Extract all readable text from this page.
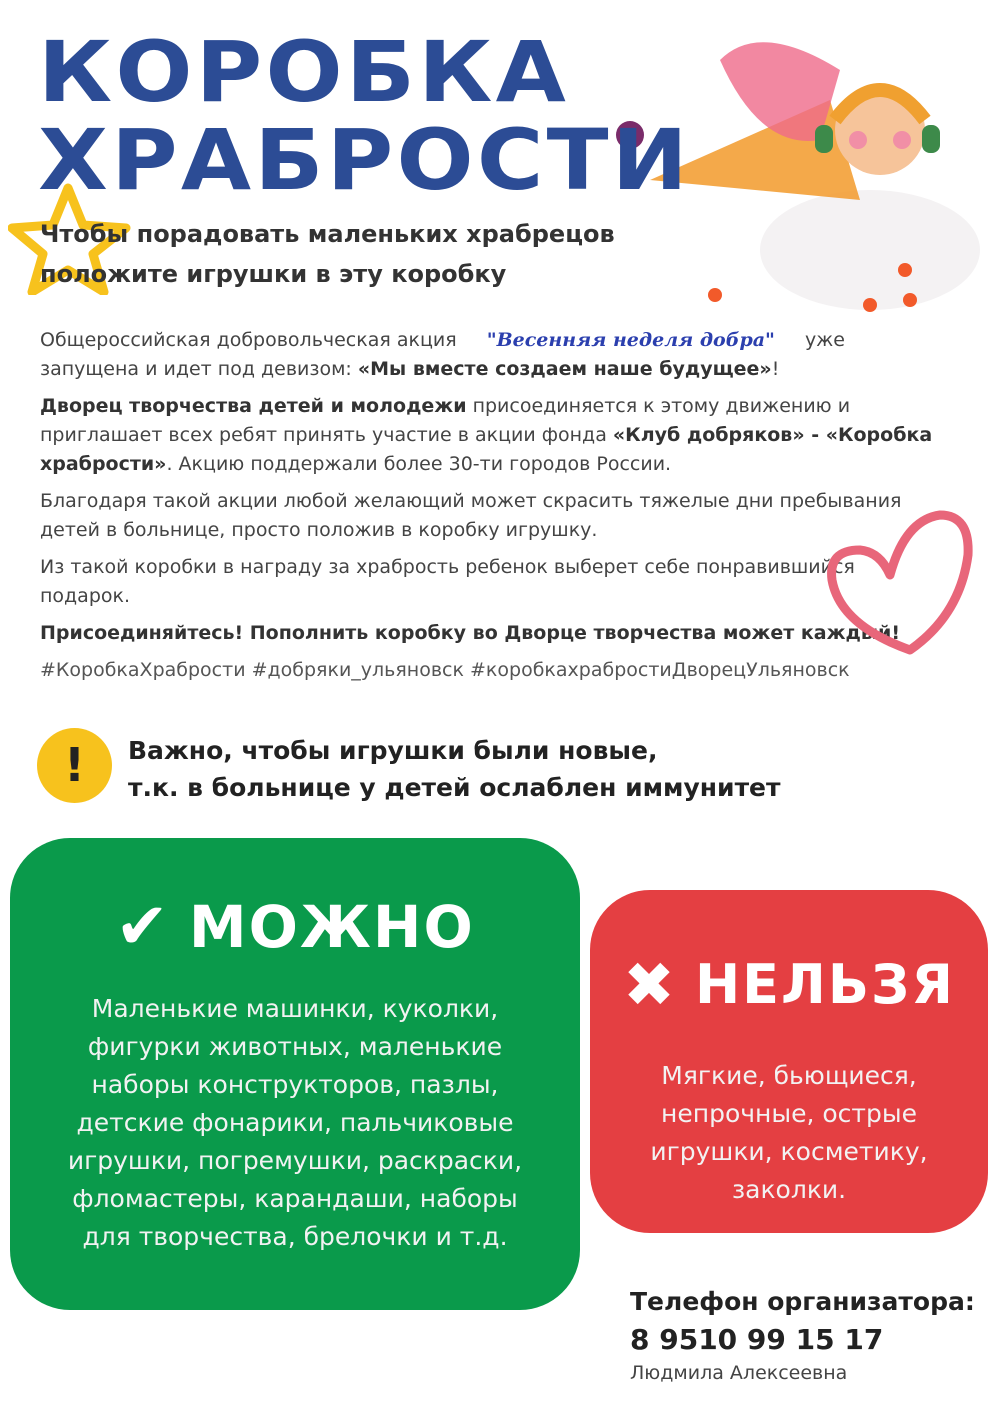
КОРОБКА
ХРАБРОСТИ
Чтобы порадовать маленьких храбрецов
положите игрушки в эту коробку

Общероссийская добровольческая акция "Весенняя неделя добра" уже запущена и идет под девизом: «Мы вместе создаем наше будущее»!

Дворец творчества детей и молодежи присоединяется к этому движению и приглашает всех ребят принять участие в акции фонда «Клуб добряков» - «Коробка храбрости». Акцию поддержали более 30-ти городов России.

Благодаря такой акции любой желающий может скрасить тяжелые дни пребывания детей в больнице, просто положив в коробку игрушку.

Из такой коробки в награду за храбрость ребенок выберет себе понравившийся подарок.

Присоединяйтесь! Пополнить коробку во Дворце творчества может каждый!

#КоробкаХрабрости #добряки_ульяновск #коробкахрабростиДворецУльяновск

!	Важно, чтобы игрушки были новые,
т.к. в больнице у детей ослаблен иммунитет
✔ МОЖНО
Маленькие машинки, куколки,
фигурки животных, маленькие
наборы конструкторов, пазлы,
детские фонарики, пальчиковые
игрушки, погремушки, раскраски,
фломастеры, карандаши, наборы
для творчества, брелочки и т.д.
✖ НЕЛЬЗЯ
Мягкие, бьющиеся,
непрочные, острые
игрушки, косметику,
заколки.
Телефон организатора:
8 9510 99 15 17
Людмила Алексеевна
